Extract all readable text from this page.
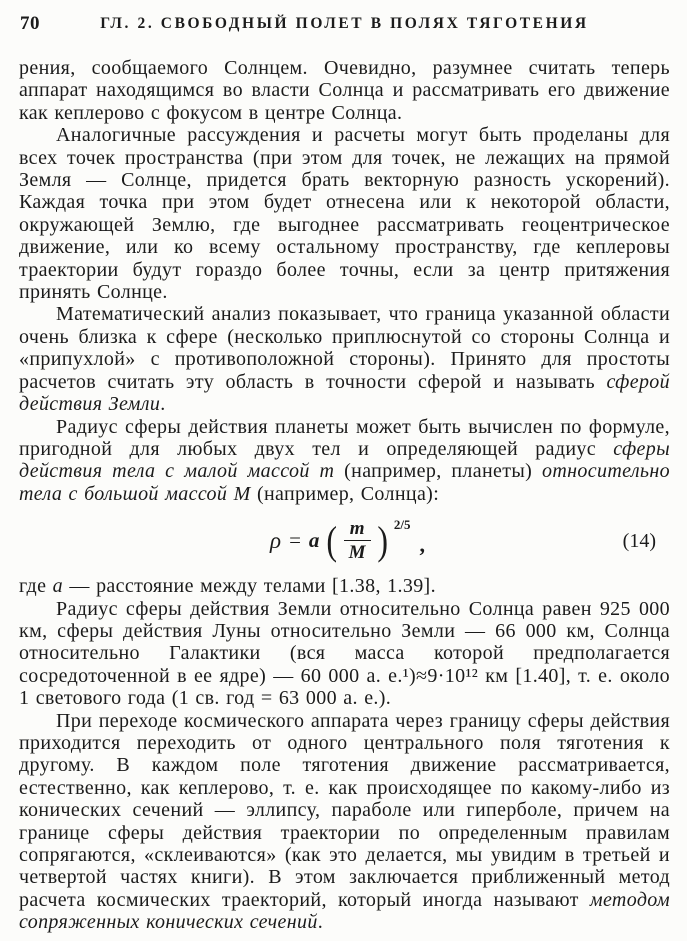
70	ГЛ. 2. СВОБОДНЫЙ ПОЛЕТ В ПОЛЯХ ТЯГОТЕНИЯ

рения, сообщаемого Солнцем. Очевидно, разумнее считать теперь аппарат находящимся во власти Солнца и рассматривать его движение как кеплерово с фокусом в центре Солнца.

Аналогичные рассуждения и расчеты могут быть проделаны для всех точек пространства (при этом для точек, не лежащих на прямой Земля — Солнце, придется брать векторную разность ускорений). Каждая точка при этом будет отнесена или к некоторой области, окружающей Землю, где выгоднее рассматривать геоцентрическое движение, или ко всему остальному пространству, где кеплеровы траектории будут гораздо более точны, если за центр притяжения принять Солнце.

Математический анализ показывает, что граница указанной области очень близка к сфере (несколько приплюснутой со стороны Солнца и «припухлой» с противоположной стороны). Принято для простоты расчетов считать эту область в точности сферой и называть сферой действия Земли.

Радиус сферы действия планеты может быть вычислен по формуле, пригодной для любых двух тел и определяющей радиус сферы действия тела с малой массой m (например, планеты) относительно тела с большой массой М (например, Солнца):

ρ = a ( $\frac{m}{M}$ ) 2/5
,	(14)

где a — расстояние между телами [1.38, 1.39].

Радиус сферы действия Земли относительно Солнца равен 925 000 км, сферы действия Луны относительно Земли — 66 000 км, Солнца относительно Галактики (вся масса которой предполагается сосредоточенной в ее ядре) — 60 000 а. е.¹)≈9·10¹² км [1.40], т. е. около 1 светового года (1 св. год = 63 000 а. е.).

При переходе космического аппарата через границу сферы действия приходится переходить от одного центрального поля тяготения к другому. В каждом поле тяготения движение рассматривается, естественно, как кеплерово, т. е. как происходящее по какому-либо из конических сечений — эллипсу, параболе или гиперболе, причем на границе сферы действия траектории по определенным правилам сопрягаются, «склеиваются» (как это делается, мы увидим в третьей и четвертой частях книги). В этом заключается приближенный метод расчета космических траекторий, который иногда называют методом сопряженных конических сечений.
